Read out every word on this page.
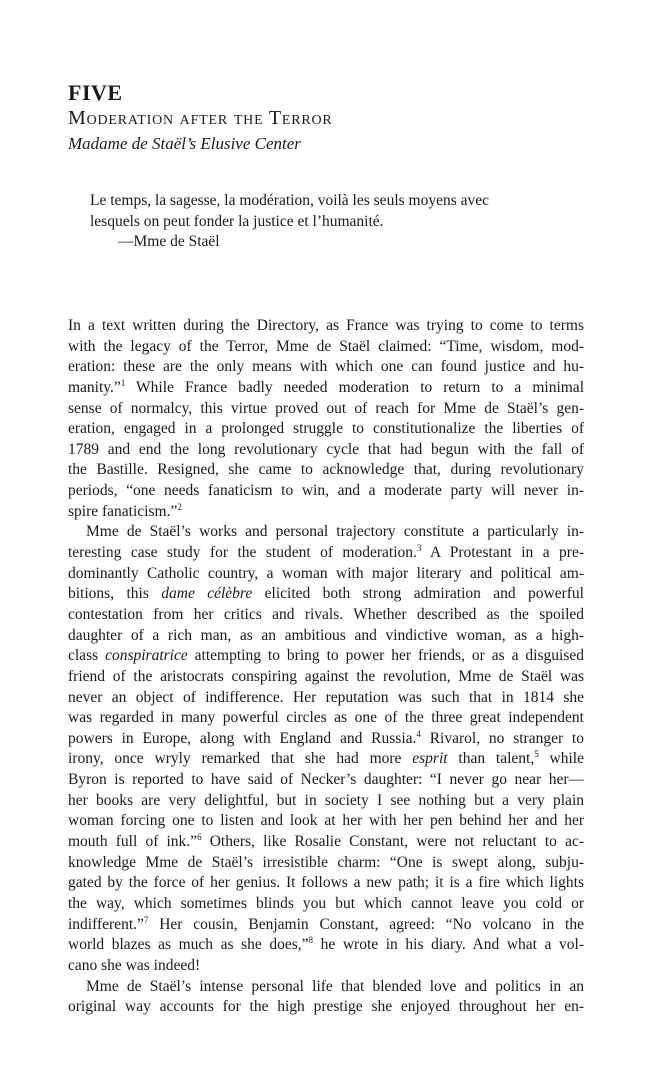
FIVE
Moderation after the Terror
Madame de Staël’s Elusive Center
Le temps, la sagesse, la modération, voilà les seuls moyens avec
lesquels on peut fonder la justice et l’humanité.
—Mme de Staël
In a text written during the Directory, as France was trying to come to terms
with the legacy of the Terror, Mme de Staël claimed: “Time, wisdom, mod-
eration: these are the only means with which one can found justice and hu-
manity.”$^1$ While France badly needed moderation to return to a minimal
sense of normalcy, this virtue proved out of reach for Mme de Staël’s gen-
eration, engaged in a prolonged struggle to constitutionalize the liberties of
1789 and end the long revolutionary cycle that had begun with the fall of
the Bastille. Resigned, she came to acknowledge that, during revolutionary
periods, “one needs fanaticism to win, and a moderate party will never in-
spire fanaticism.”$^2$
Mme de Staël’s works and personal trajectory constitute a particularly in-
teresting case study for the student of moderation.$^3$ A Protestant in a pre-
dominantly Catholic country, a woman with major literary and political am-
bitions, this dame célèbre elicited both strong admiration and powerful
contestation from her critics and rivals. Whether described as the spoiled
daughter of a rich man, as an ambitious and vindictive woman, as a high-
class conspiratrice attempting to bring to power her friends, or as a disguised
friend of the aristocrats conspiring against the revolution, Mme de Staël was
never an object of indifference. Her reputation was such that in 1814 she
was regarded in many powerful circles as one of the three great independent
powers in Europe, along with England and Russia.$^4$ Rivarol, no stranger to
irony, once wryly remarked that she had more esprit than talent,$^5$ while
Byron is reported to have said of Necker’s daughter: “I never go near her—
her books are very delightful, but in society I see nothing but a very plain
woman forcing one to listen and look at her with her pen behind her and her
mouth full of ink.”$^6$ Others, like Rosalie Constant, were not reluctant to ac-
knowledge Mme de Staël’s irresistible charm: “One is swept along, subju-
gated by the force of her genius. It follows a new path; it is a fire which lights
the way, which sometimes blinds you but which cannot leave you cold or
indifferent.”$^7$ Her cousin, Benjamin Constant, agreed: “No volcano in the
world blazes as much as she does,”$^8$ he wrote in his diary. And what a vol-
cano she was indeed!
Mme de Staël’s intense personal life that blended love and politics in an
original way accounts for the high prestige she enjoyed throughout her en-
